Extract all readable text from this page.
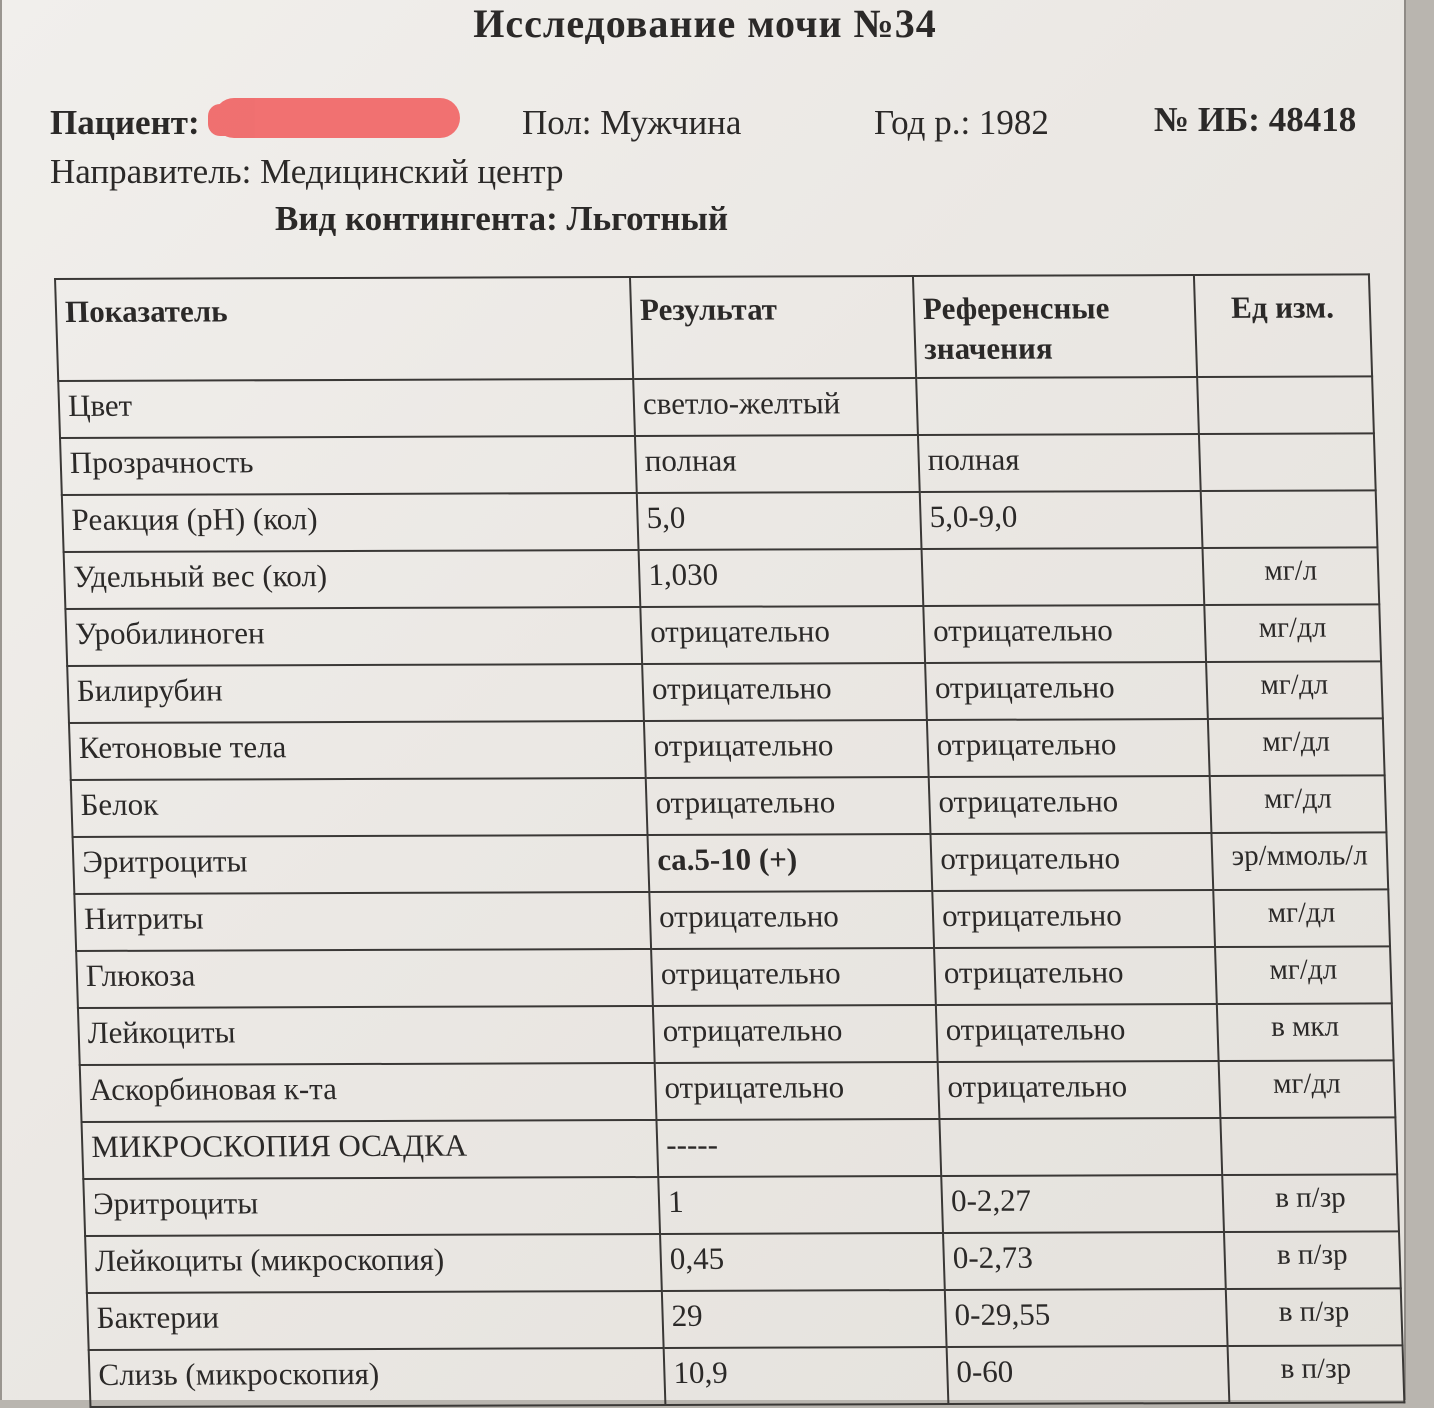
Исследование мочи №34
Пациент:	Пол: Мужчина	Год р.: 1982	№ ИБ: 48418
Направитель: Медицинский центр
Вид контингента: Льготный
Показатель	Результат	Референсные значения	Ед изм.
Цвет	светло-желтый		
Прозрачность	полная	полная	
Реакция (pH) (кол)	5,0	5,0-9,0	
Удельный вес (кол)	1,030		мг/л
Уробилиноген	отрицательно	отрицательно	мг/дл
Билирубин	отрицательно	отрицательно	мг/дл
Кетоновые тела	отрицательно	отрицательно	мг/дл
Белок	отрицательно	отрицательно	мг/дл
Эритроциты	ca.5-10 (+)	отрицательно	эр/ммоль/л
Нитриты	отрицательно	отрицательно	мг/дл
Глюкоза	отрицательно	отрицательно	мг/дл
Лейкоциты	отрицательно	отрицательно	в мкл
Аскорбиновая к-та	отрицательно	отрицательно	мг/дл
МИКРОСКОПИЯ ОСАДКА	-----		
Эритроциты	1	0-2,27	в п/зр
Лейкоциты (микроскопия)	0,45	0-2,73	в п/зр
Бактерии	29	0-29,55	в п/зр
Слизь (микроскопия)	10,9	0-60	в п/зр
